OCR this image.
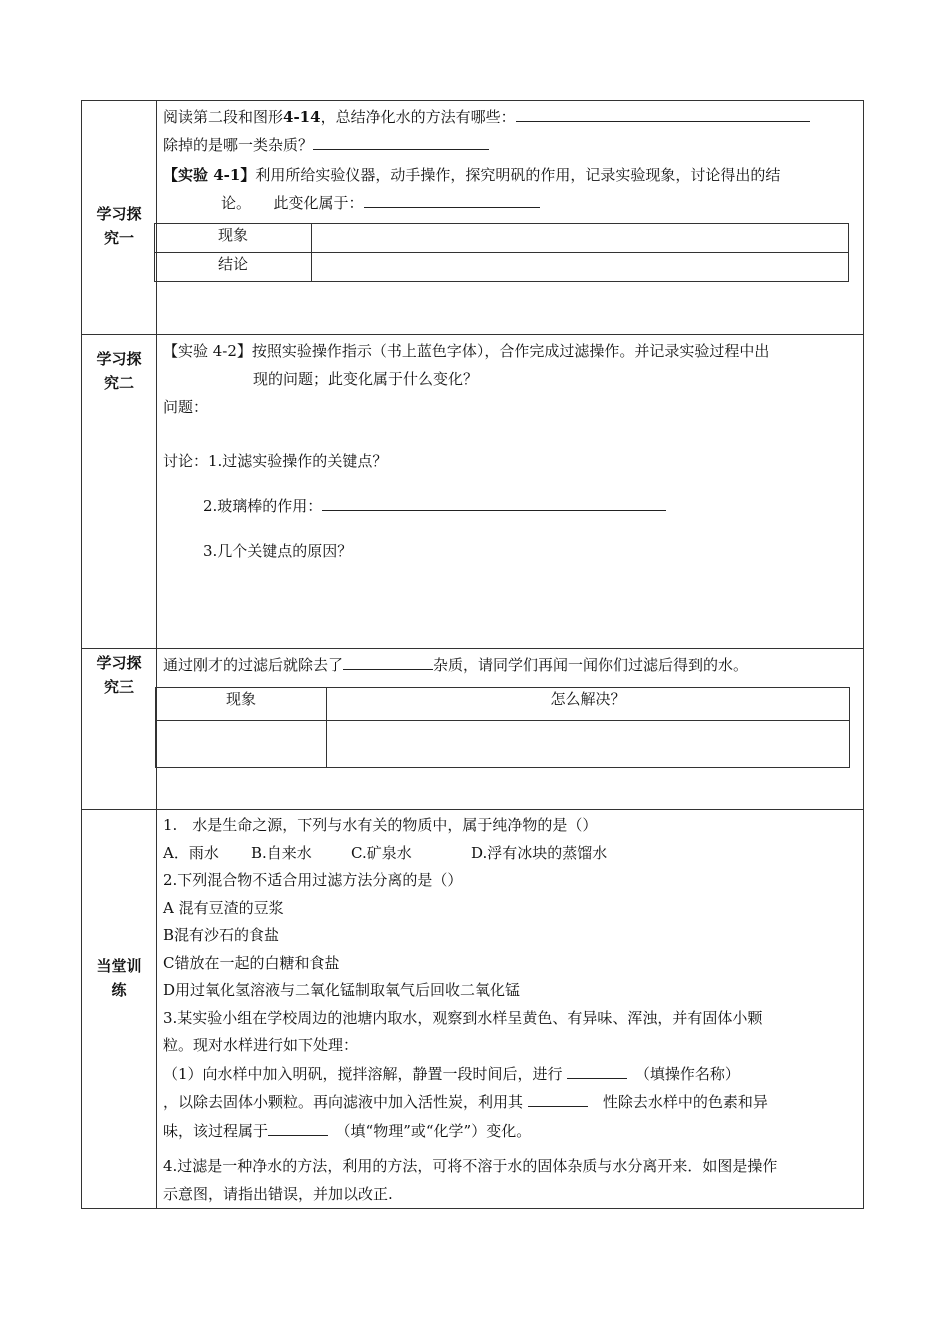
学习探究一

阅读第二段和图形4-14，总结净化水的方法有哪些：

除掉的是哪一类杂质？

【实验 4-1】利用所给实验仪器，动手操作，探究明矾的作用，记录实验现象，讨论得出的结

论。　　 此变化属于：

现象	
结论	

学习探究二

【实验 4-2】按照实验操作指示（书上蓝色字体），合作完成过滤操作。并记录实验过程中出

现的问题；此变化属于什么变化？

问题：

讨论：1.过滤实验操作的关键点？

2.玻璃棒的作用：

3.几个关键点的原因？

学习探究三

通过刚才的过滤后就除去了	杂质，请同学们再闻一闻你们过滤后得到的水。

现象	怎么解决？

当堂训练

1.　水是生命之源，下列与水有关的物质中，属于纯净物的是（）

A．雨水 B.自来水	C.矿泉水	D.浮有冰块的蒸馏水

2.下列混合物不适合用过滤方法分离的是（）

A 混有豆渣的豆浆

B混有沙石的食盐

C错放在一起的白糖和食盐

D用过氧化氢溶液与二氧化锰制取氧气后回收二氧化锰

3.某实验小组在学校周边的池塘内取水，观察到水样呈黄色、有异味、浑浊，并有固体小颗

粒。现对水样进行如下处理：

（1）向水样中加入明矾，搅拌溶解，静置一段时间后，进行 　	（填操作名称）

，以除去固体小颗粒。再向滤液中加入活性炭，利用其 　	性除去水样中的色素和异

味，该过程属于　	（填“物理”或“化学”）变化。

4.过滤是一种净水的方法，利用的方法，可将不溶于水的固体杂质与水分离开来．如图是操作

示意图，请指出错误，并加以改正.
